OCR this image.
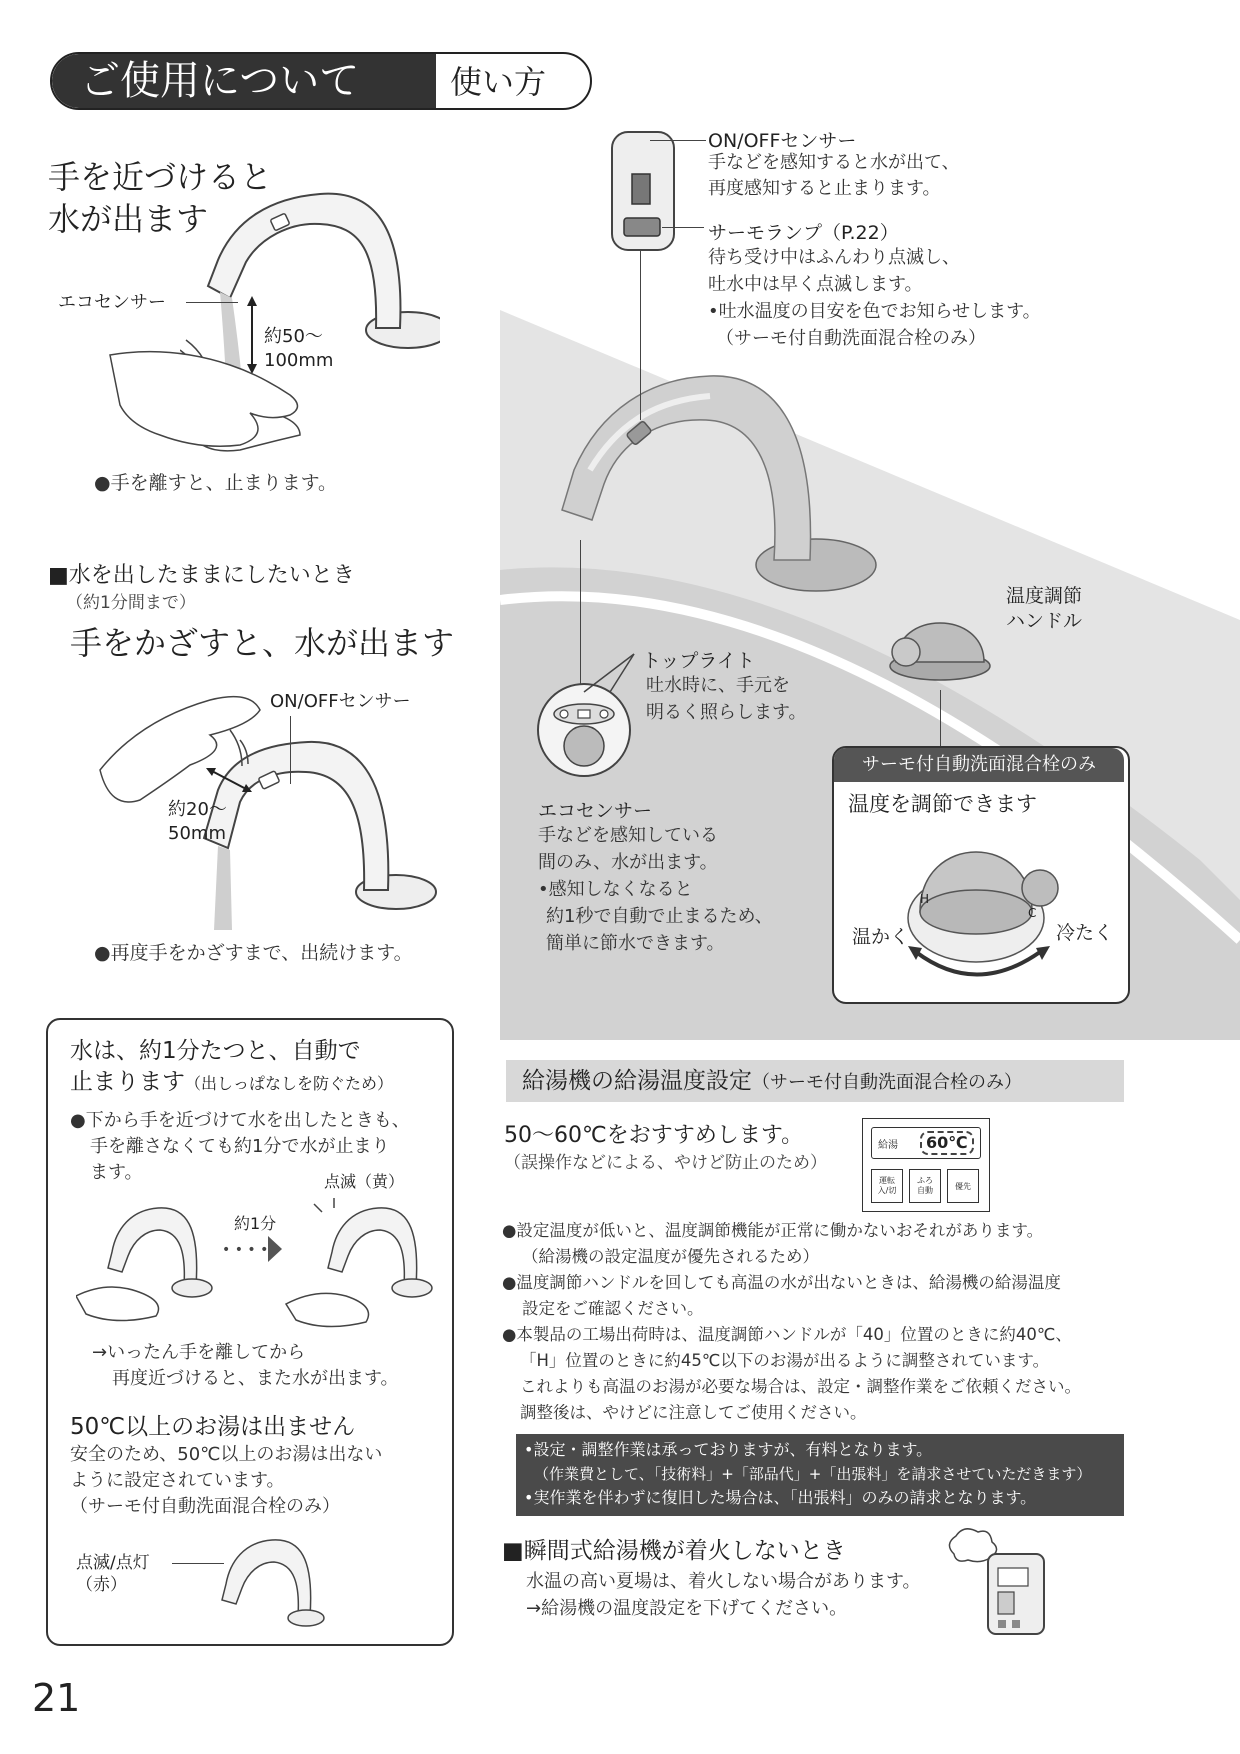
ご使用について	使い方
手を近づけると
水が出ます
エコセンサー
約50〜
100mm
●手を離すと、止まります。
■水を出したままにしたいとき
（約1分間まで）
手をかざすと、水が出ます
ON/OFFセンサー
約20〜
50mm
●再度手をかざすまで、出続けます。
水は、約1分たつと、自動で
止まります（出しっぱなしを防ぐため）
●下から手を近づけて水を出したときも、
手を離さなくても約1分で水が止まり
ます。	点滅（黄）
約1分
• • • •
→いったん手を離してから
再度近づけると、また水が出ます。
50℃以上のお湯は出ません
安全のため、50℃以上のお湯は出ない
ように設定されています。
（サーモ付自動洗面混合栓のみ）
点滅/点灯
（赤）
ON/OFFセンサー
手などを感知すると水が出て、
再度感知すると止まります。
サーモランプ（P.22）
待ち受け中はふんわり点滅し、
吐水中は早く点滅します。
•吐水温度の目安を色でお知らせします。
（サーモ付自動洗面混合栓のみ）
温度調節
ハンドル
トップライト
吐水時に、手元を
明るく照らします。
エコセンサー
手などを感知している
間のみ、水が出ます。
•感知しなくなると
約1秒で自動で止まるため、
簡単に節水できます。
サーモ付自動洗面混合栓のみ
温度を調節できます
H
C
温かく	冷たく
給湯機の給湯温度設定（サーモ付自動洗面混合栓のみ）
50〜60℃をおすすめします。
（誤操作などによる、やけど防止のため）
給湯	60℃
運転
入/切
ふろ
自動	優先
●設定温度が低いと、温度調節機能が正常に働かないおそれがあります。
（給湯機の設定温度が優先されるため）
●温度調節ハンドルを回しても高温の水が出ないときは、給湯機の給湯温度
設定をご確認ください。
●本製品の工場出荷時は、温度調節ハンドルが「40」位置のときに約40℃、
「H」位置のときに約45℃以下のお湯が出るように調整されています。
これよりも高温のお湯が必要な場合は、設定・調整作業をご依頼ください。
調整後は、やけどに注意してご使用ください。
•設定・調整作業は承っておりますが、有料となります。
（作業費として、「技術料」+「部品代」+「出張料」を請求させていただきます）
•実作業を伴わずに復旧した場合は、「出張料」のみの請求となります。
■瞬間式給湯機が着火しないとき
水温の高い夏場は、着火しない場合があります。
→給湯機の温度設定を下げてください。
21
